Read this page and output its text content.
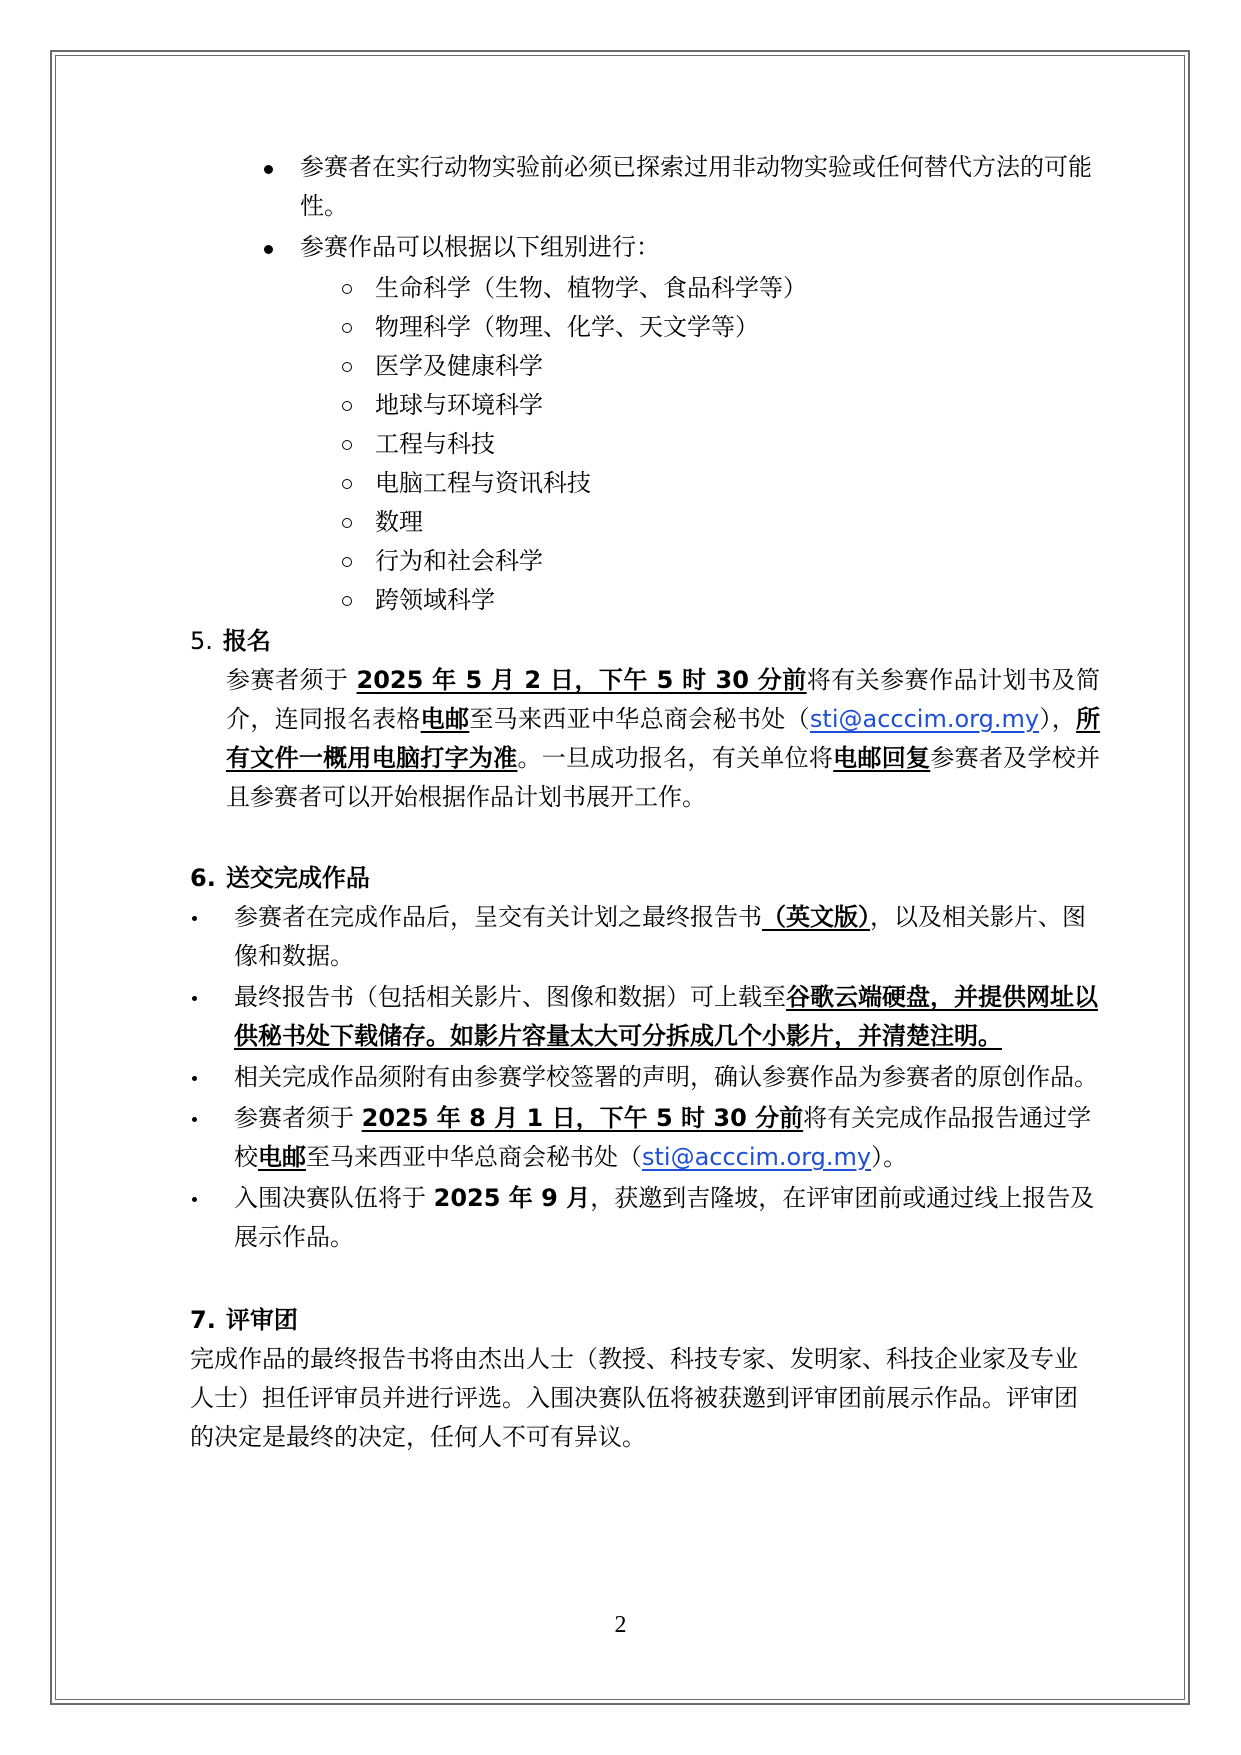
参赛者在实行动物实验前必须已探索过用非动物实验或任何替代方法的可能性。
参赛作品可以根据以下组别进行：
生命科学（生物、植物学、食品科学等）
物理科学（物理、化学、天文学等）
医学及健康科学
地球与环境科学
工程与科技
电脑工程与资讯科技
数理
行为和社会科学
跨领域科学
5. 报名
参赛者须于 2025 年 5 月 2 日，下午 5 时 30 分前将有关参赛作品计划书及简介，连同报名表格电邮至马来西亚中华总商会秘书处（sti@acccim.org.my），所有文件一概用电脑打字为准。一旦成功报名，有关单位将电邮回复参赛者及学校并且参赛者可以开始根据作品计划书展开工作。
6. 送交完成作品
参赛者在完成作品后，呈交有关计划之最终报告书（英文版），以及相关影片、图像和数据。
最终报告书（包括相关影片、图像和数据）可上载至谷歌云端硬盘，并提供网址以供秘书处下载储存。如影片容量太大可分拆成几个小影片，并清楚注明。
相关完成作品须附有由参赛学校签署的声明，确认参赛作品为参赛者的原创作品。
参赛者须于 2025 年 8 月 1 日，下午 5 时 30 分前将有关完成作品报告通过学校电邮至马来西亚中华总商会秘书处（sti@acccim.org.my）。
入围决赛队伍将于 2025 年 9 月，获邀到吉隆坡，在评审团前或通过线上报告及展示作品。
7. 评审团
完成作品的最终报告书将由杰出人士（教授、科技专家、发明家、科技企业家及专业人士）担任评审员并进行评选。入围决赛队伍将被获邀到评审团前展示作品。评审团的决定是最终的决定，任何人不可有异议。
2
